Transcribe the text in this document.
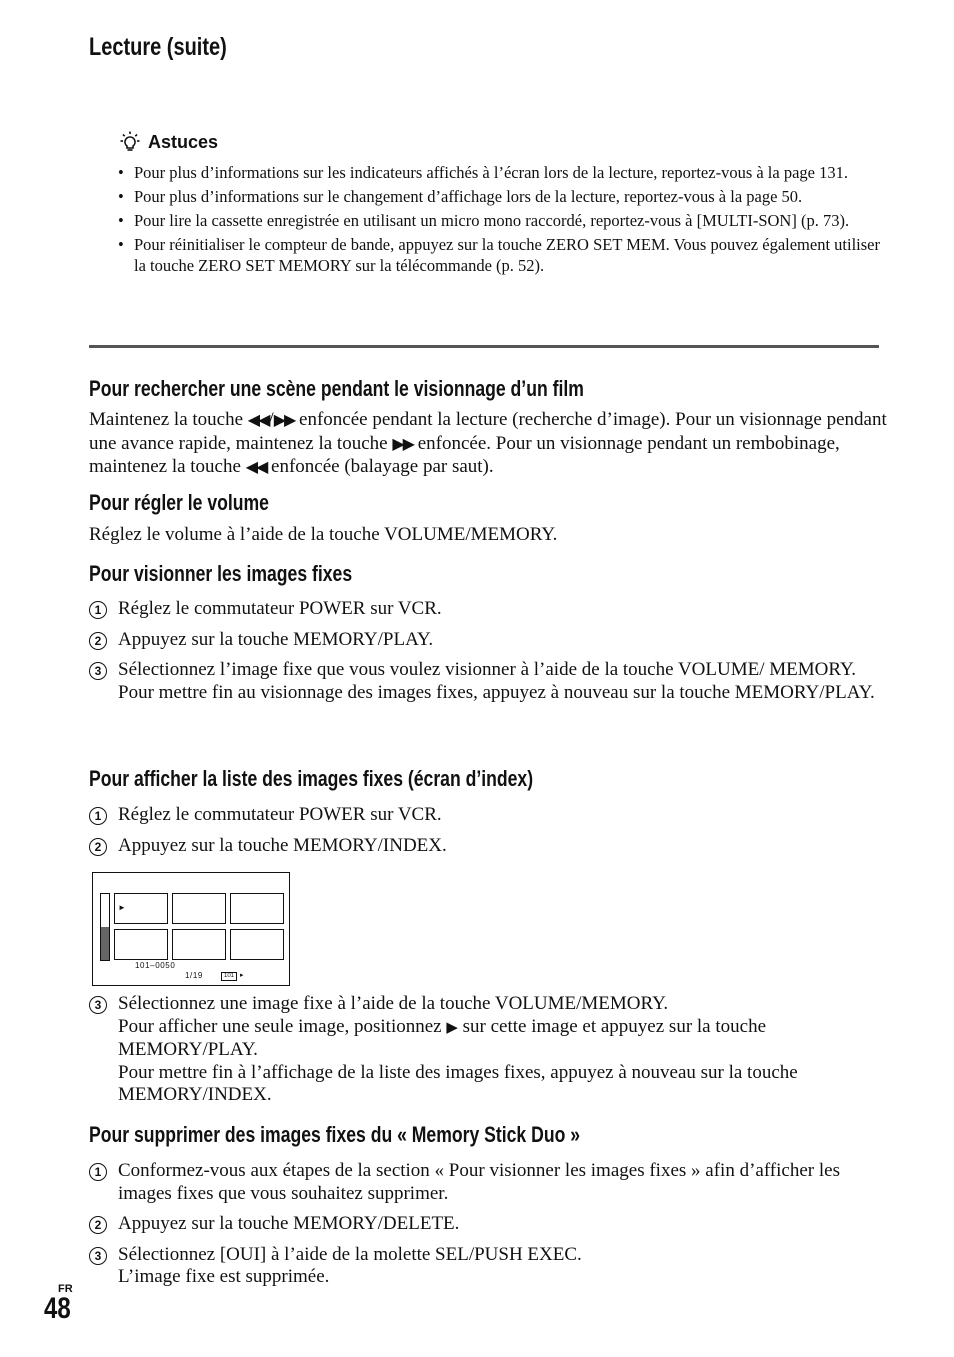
Lecture (suite)
Astuces
• Pour plus d’informations sur les indicateurs affichés à l’écran lors de la lecture, reportez-vous à la page 131.
• Pour plus d’informations sur le changement d’affichage lors de la lecture, reportez-vous à la page 50.
• Pour lire la cassette enregistrée en utilisant un micro mono raccordé, reportez-vous à [MULTI-SON] (p. 73).
• Pour réinitialiser le compteur de bande, appuyez sur la touche ZERO SET MEM. Vous pouvez également utiliser la touche ZERO SET MEMORY sur la télécommande (p. 52).
Pour rechercher une scène pendant le visionnage d’un film
Maintenez la touche ◀◀/▶▶ enfoncée pendant la lecture (recherche d’image). Pour un visionnage pendant une avance rapide, maintenez la touche ▶▶ enfoncée. Pour un visionnage pendant un rembobinage, maintenez la touche ◀◀ enfoncée (balayage par saut).
Pour régler le volume
Réglez le volume à l’aide de la touche VOLUME/MEMORY.
Pour visionner les images fixes
1 Réglez le commutateur POWER sur VCR.
2 Appuyez sur la touche MEMORY/PLAY.
3 Sélectionnez l’image fixe que vous voulez visionner à l’aide de la touche VOLUME/ MEMORY.
Pour mettre fin au visionnage des images fixes, appuyez à nouveau sur la touche MEMORY/PLAY.
Pour afficher la liste des images fixes (écran d’index)
1 Réglez le commutateur POWER sur VCR.
2 Appuyez sur la touche MEMORY/INDEX.
►
101–0050
1/19	101 ▸
3 Sélectionnez une image fixe à l’aide de la touche VOLUME/MEMORY.
Pour afficher une seule image, positionnez ▶ sur cette image et appuyez sur la touche MEMORY/PLAY.
Pour mettre fin à l’affichage de la liste des images fixes, appuyez à nouveau sur la touche MEMORY/INDEX.
Pour supprimer des images fixes du « Memory Stick Duo »
1 Conformez-vous aux étapes de la section « Pour visionner les images fixes » afin d’afficher les images fixes que vous souhaitez supprimer.
2 Appuyez sur la touche MEMORY/DELETE.
3 Sélectionnez [OUI] à l’aide de la molette SEL/PUSH EXEC.
L’image fixe est supprimée.
FR
48
